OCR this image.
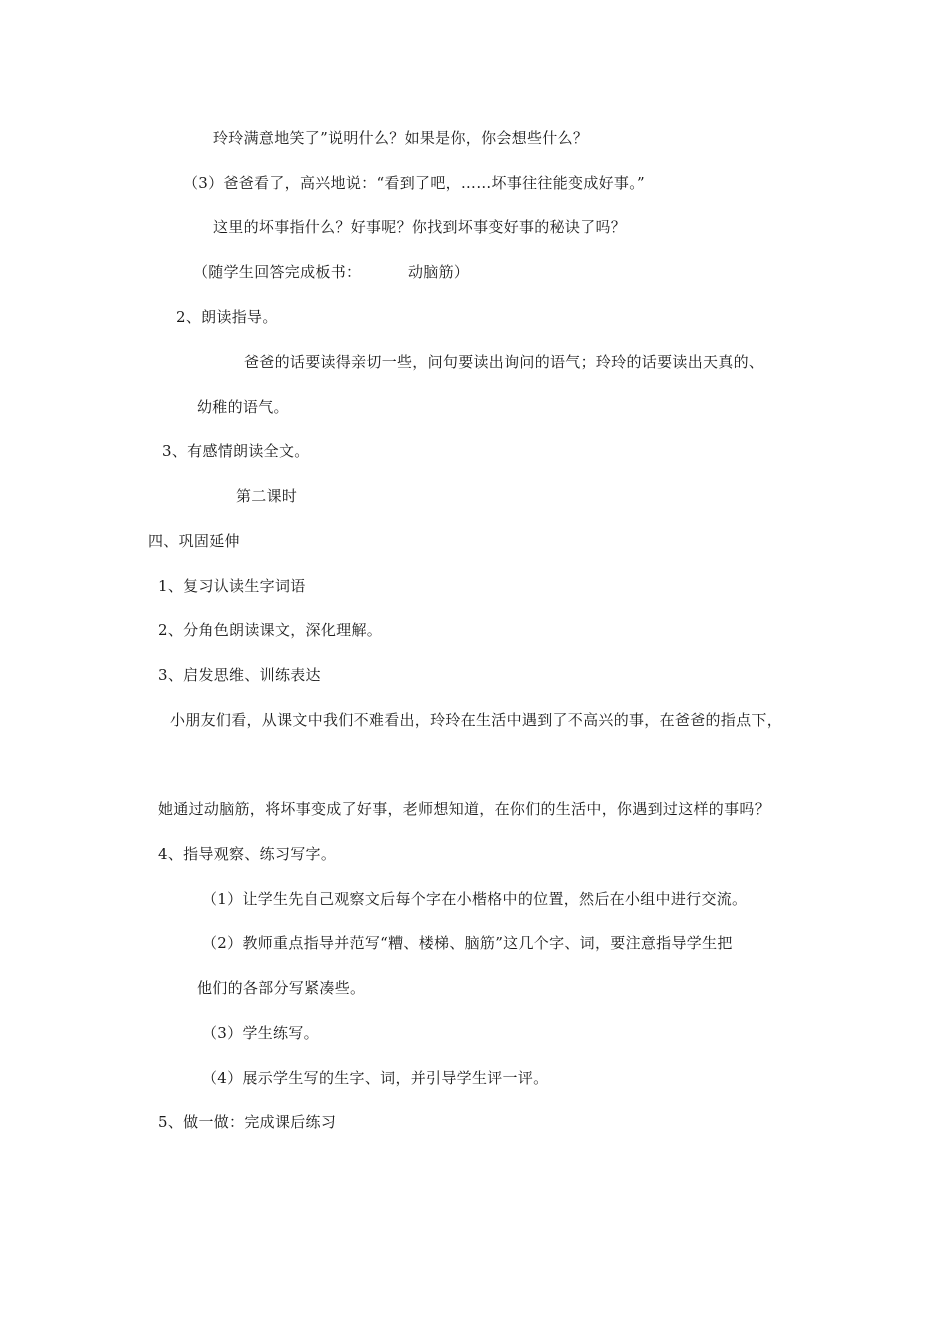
玲玲满意地笑了”说明什么？如果是你，你会想些什么？
（3）爸爸看了，高兴地说：“看到了吧，……坏事往往能变成好事。”
这里的坏事指什么？好事呢？你找到坏事变好事的秘诀了吗？
（随学生回答完成板书：	动脑筋）
2、朗读指导。
爸爸的话要读得亲切一些，问句要读出询问的语气；玲玲的话要读出天真的、
幼稚的语气。
3、有感情朗读全文。
第二课时
四、巩固延伸
1、复习认读生字词语
2、分角色朗读课文，深化理解。
3、启发思维、训练表达
小朋友们看，从课文中我们不难看出，玲玲在生活中遇到了不高兴的事，在爸爸的指点下，
她通过动脑筋，将坏事变成了好事，老师想知道，在你们的生活中，你遇到过这样的事吗？
4、指导观察、练习写字。
（1）让学生先自己观察文后每个字在小楷格中的位置，然后在小组中进行交流。
（2）教师重点指导并范写“糟、楼梯、脑筋”这几个字、词，要注意指导学生把
他们的各部分写紧凑些。
（3）学生练写。
（4）展示学生写的生字、词，并引导学生评一评。
5、做一做：完成课后练习
